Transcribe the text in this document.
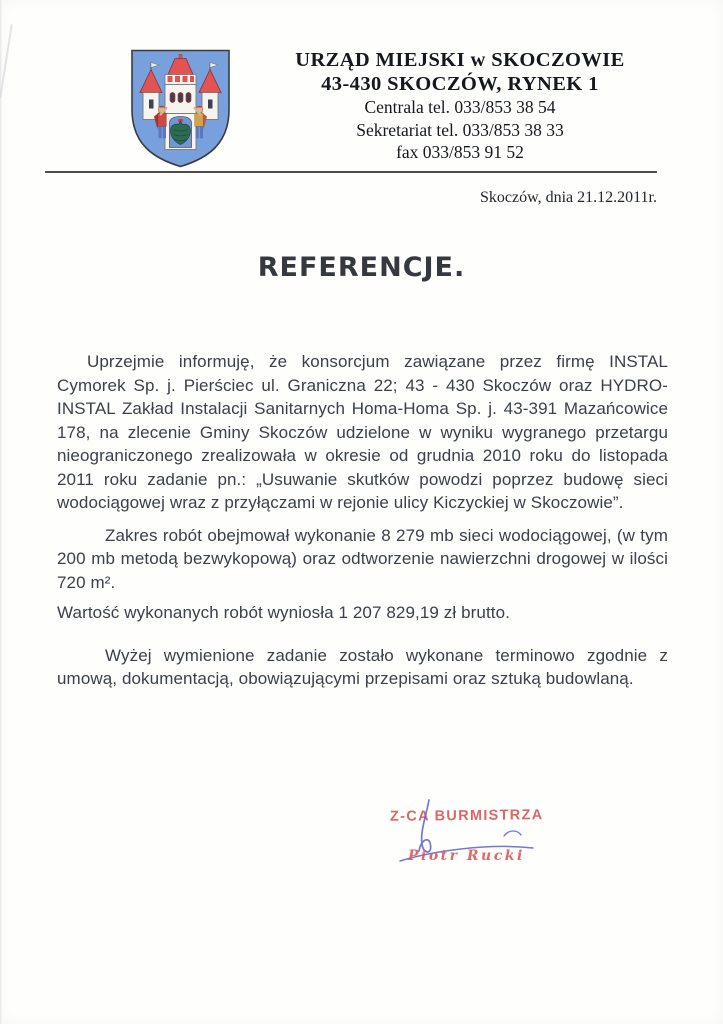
URZĄD MIEJSKI w SKOCZOWIE
43-430 SKOCZÓW, RYNEK 1
Centrala tel. 033/853 38 54
Sekretariat tel. 033/853 38 33
fax 033/853 91 52
Skoczów, dnia 21.12.2011r.
REFERENCJE.

Uprzejmie informuję, że konsorcjum zawiązane przez firmę INSTAL Cymorek Sp. j. Pierściec ul. Graniczna 22; 43 - 430 Skoczów oraz HYDRO-INSTAL Zakład Instalacji Sanitarnych Homa-Homa Sp. j. 43-391 Mazańcowice 178, na zlecenie Gminy Skoczów udzielone w wyniku wygranego przetargu nieograniczonego zrealizowała w okresie od grudnia 2010 roku do listopada 2011 roku zadanie pn.: „Usuwanie skutków powodzi poprzez budowę sieci wodociągowej wraz z przyłączami w rejonie ulicy Kiczyckiej w Skoczowie”.

Zakres robót obejmował wykonanie 8 279 mb sieci wodociągowej, (w tym 200 mb metodą bezwykopową) oraz odtworzenie nawierzchni drogowej w ilości 720 m².

Wartość wykonanych robót wyniosła 1 207 829,19 zł brutto.

Wyżej wymienione zadanie zostało wykonane terminowo zgodnie z umową, dokumentacją, obowiązującymi przepisami oraz sztuką budowlaną.

Z-CA BURMISTRZA
Piotr Rucki
